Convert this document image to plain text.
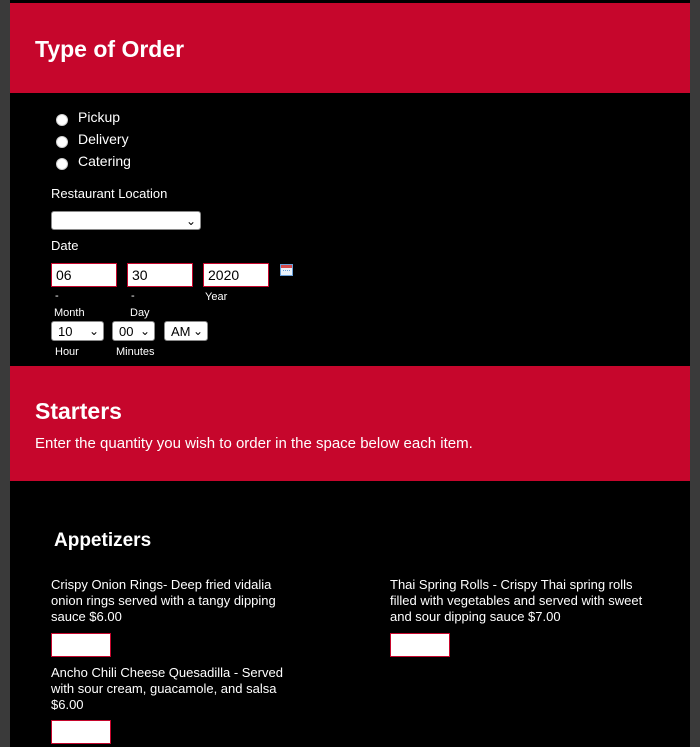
Type of Order
Pickup
Delivery
Catering
Restaurant Location
⌄
Date
06	30	2020
-	-	Year
Month	Day
10 ⌄	00 ⌄	AM ⌄
Hour	Minutes
Starters
Enter the quantity you wish to order in the space below each item.
Appetizers
Crispy Onion Rings- Deep fried vidalia
onion rings served with a tangy dipping
sauce $6.00
Thai Spring Rolls - Crispy Thai spring rolls
filled with vegetables and served with sweet
and sour dipping sauce $7.00
Ancho Chili Cheese Quesadilla - Served
with sour cream, guacamole, and salsa
$6.00
